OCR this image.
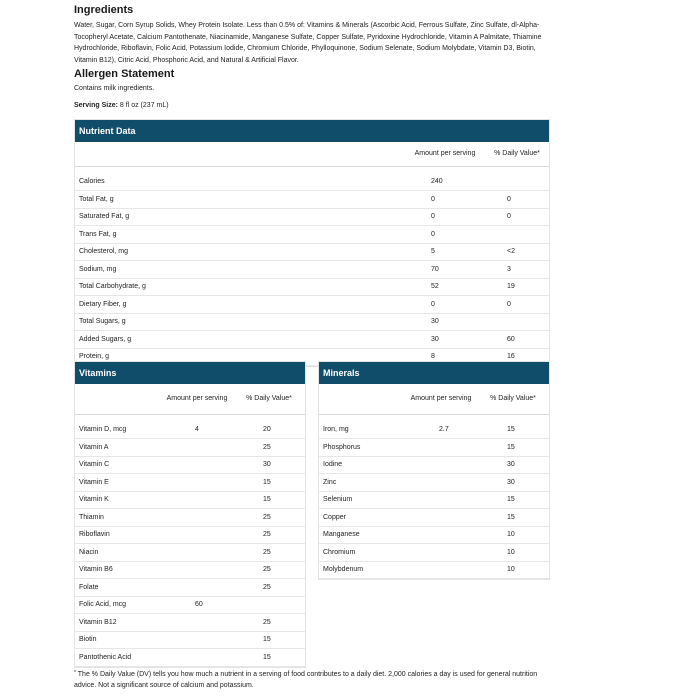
Ingredients

Water, Sugar, Corn Syrup Solids, Whey Protein Isolate. Less than 0.5% of: Vitamins & Minerals (Ascorbic Acid, Ferrous Sulfate, Zinc Sulfate, dl-Alpha-Tocopheryl Acetate, Calcium Pantothenate, Niacinamide, Manganese Sulfate, Copper Sulfate, Pyridoxine Hydrochloride, Vitamin A Palmitate, Thiamine Hydrochloride, Riboflavin, Folic Acid, Potassium Iodide, Chromium Chloride, Phylloquinone, Sodium Selenate, Sodium Molybdate, Vitamin D3, Biotin, Vitamin B12), Citric Acid, Phosphoric Acid, and Natural & Artificial Flavor.

Allergen Statement

Contains milk ingredients.

Serving Size: 8 fl oz (237 mL)

Nutrient Data
	Amount per serving	% Daily Value*

Calories	240	
Total Fat, g	0	0
Saturated Fat, g	0	0
Trans Fat, g	0	
Cholesterol, mg	5	<2
Sodium, mg	70	3
Total Carbohydrate, g	52	19
Dietary Fiber, g	0	0
Total Sugars, g	30	
Added Sugars, g	30	60
Protein, g	8	16
Vitamins
	Amount per serving	% Daily Value*

Vitamin D, mcg	4	20
Vitamin A		25
Vitamin C		30
Vitamin E		15
Vitamin K		15
Thiamin		25
Riboflavin		25
Niacin		25
Vitamin B6		25
Folate		25
Folic Acid, mcg	60	
Vitamin B12		25
Biotin		15
Pantothenic Acid		15
Minerals
	Amount per serving	% Daily Value*

Iron, mg	2.7	15
Phosphorus		15
Iodine		30
Zinc		30
Selenium		15
Copper		15
Manganese		10
Chromium		10
Molybdenum		10

* The % Daily Value (DV) tells you how much a nutrient in a serving of food contributes to a daily diet. 2,000 calories a day is used for general nutrition advice. Not a significant source of calcium and potassium.
